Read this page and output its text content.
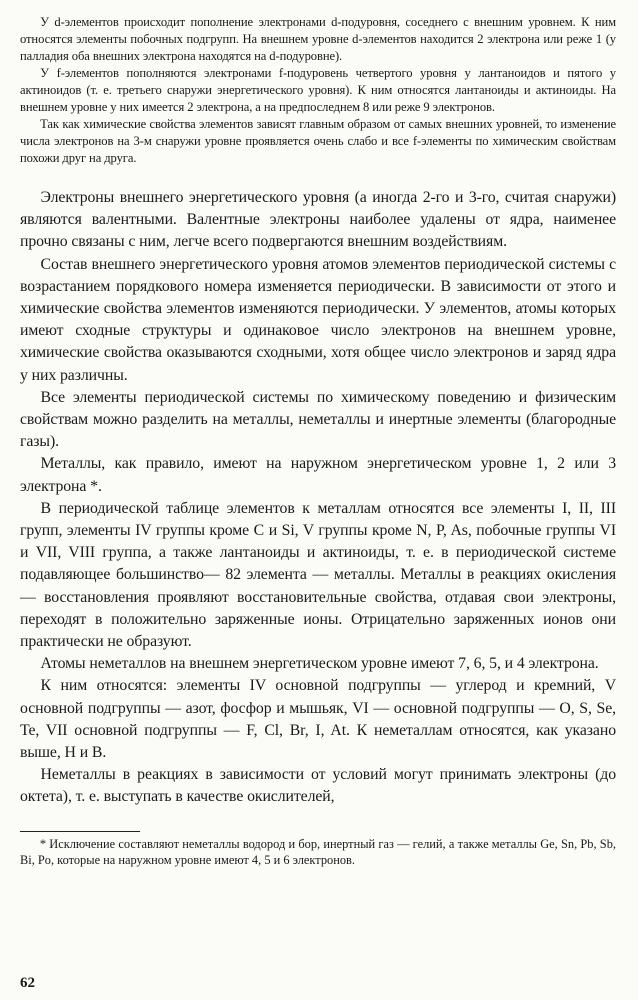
У d-элементов происходит пополнение электронами d-подуровня, соседнего с внешним уровнем. К ним относятся элементы побочных подгрупп. На внешнем уровне d-элементов находится 2 электрона или реже 1 (у палладия оба внешних электрона находятся на d-подуровне).

У f-элементов пополняются электронами f-подуровень четвертого уровня у лантаноидов и пятого у актиноидов (т. е. третьего снаружи энергетического уровня). К ним относятся лантаноиды и актиноиды. На внешнем уровне у них имеется 2 электрона, а на предпоследнем 8 или реже 9 электронов.

Так как химические свойства элементов зависят главным образом от самых внешних уровней, то изменение числа электронов на 3-м снаружи уровне проявляется очень слабо и все f-элементы по химическим свойствам похожи друг на друга.

Электроны внешнего энергетического уровня (а иногда 2-го и 3-го, считая снаружи) являются валентными. Валентные электроны наиболее удалены от ядра, наименее прочно связаны с ним, легче всего подвергаются внешним воздействиям.

Состав внешнего энергетического уровня атомов элементов периодической системы с возрастанием порядкового номера изменяется периодически. В зависимости от этого и химические свойства элементов изменяются периодически. У элементов, атомы которых имеют сходные структуры и одинаковое число электронов на внешнем уровне, химические свойства оказываются сходными, хотя общее число электронов и заряд ядра у них различны.

Все элементы периодической системы по химическому поведению и физическим свойствам можно разделить на металлы, неметаллы и инертные элементы (благородные газы).

Металлы, как правило, имеют на наружном энергетическом уровне 1, 2 или 3 электрона *.

В периодической таблице элементов к металлам относятся все элементы I, II, III групп, элементы IV группы кроме C и Si, V группы кроме N, P, As, побочные группы VI и VII, VIII группа, а также лантаноиды и актиноиды, т. е. в периодической системе подавляющее большинство— 82 элемента — металлы. Металлы в реакциях окисления — восстановления проявляют восстановительные свойства, отдавая свои электроны, переходят в положительно заряженные ионы. Отрицательно заряженных ионов они практически не образуют.

Атомы неметаллов на внешнем энергетическом уровне имеют 7, 6, 5, и 4 электрона.

К ним относятся: элементы IV основной подгруппы — углерод и кремний, V основной подгруппы — азот, фосфор и мышьяк, VI — основной подгруппы — O, S, Se, Te, VII основной подгруппы — F, Cl, Br, I, At. К неметаллам относятся, как указано выше, H и B.

Неметаллы в реакциях в зависимости от условий могут принимать электроны (до октета), т. е. выступать в качестве окислителей,

* Исключение составляют неметаллы водород и бор, инертный газ — гелий, а также металлы Ge, Sn, Pb, Sb, Bi, Po, которые на наружном уровне имеют 4, 5 и 6 электронов.

62
